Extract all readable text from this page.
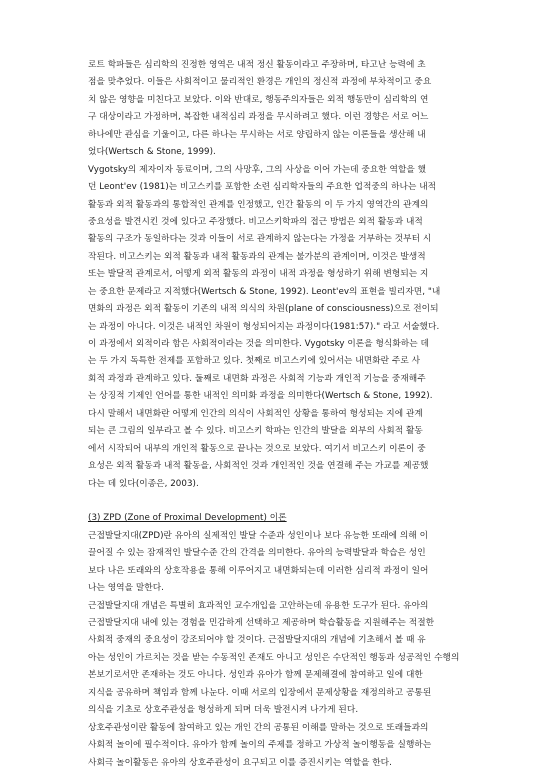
로트 학파들은 심리학의 진정한 영역은 내적 정신 활동이라고 주장하며, 타고난 능력에 초
점을 맞추었다. 이들은 사회적이고 물리적인 환경은 개인의 정신적 과정에 부차적이고 중요
치 않은 영향을 미친다고 보았다. 이와 반대로, 행동주의자들은 외적 행동만이 심리학의 연
구 대상이라고 가정하며, 복잡한 내적심리 과정을 무시하려고 했다. 이런 경향은 서로 어느
하나에만 관심을 기울이고, 다른 하나는 무시하는 서로 양립하지 않는 이론들을 생산해 내
었다(Wertsch & Stone, 1999).
Vygotsky의 제자이자 동료이며, 그의 사망후, 그의 사상을 이어 가는데 중요한 역할을 했
던 Leont'ev (1981)는 비고스키를 포함한 소련 심리학자들의 주요한 업적중의 하나는 내적
활동과 외적 활동과의 통합적인 관계를 인정했고, 인간 활동의 이 두 가지 영역간의 관계의
중요성을 발견시킨 것에 있다고 주장했다. 비고스키학파의 접근 방법은 외적 활동과 내적
활동의 구조가 동일하다는 것과 이들이 서로 관계하지 않는다는 가정을 거부하는 것부터 시
작된다. 비고스키는 외적 활동과 내적 활동과의 관계는 불가분의 관계이며, 이것은 발생적
또는 발달적 관계로서, 어떻게 외적 활동의 과정이 내적 과정을 형성하기 위해 변형되는 지
는 중요한 문제라고 지적했다(Wertsch & Stone, 1992). Leont'ev의 표현을 빌리자면, "내
면화의 과정은 외적 활동이 기존의 내적 의식의 차원(plane of consciousness)으로 전이되
는 과정이 아니다. 이것은 내적인 차원이 형성되어지는 과정이다(1981:57)." 라고 서술했다.
이 과정에서 외적이라 함은 사회적이라는 것을 의미한다. Vygotsky 이론을 형식화하는 데
는 두 가지 독특한 전제를 포함하고 있다. 첫째로 비고스키에 있어서는 내면화란 주로 사
회적 과정과 관계하고 있다. 둘째로 내면화 과정은 사회적 기능과 개인적 기능을 중재해주
는 상징적 기제인 언어를 통한 내적인 의미화 과정을 의미한다(Wertsch & Stone, 1992).
다시 말해서 내면화란 어떻게 인간의 의식이 사회적인 상황을 통하여 형성되는 지에 관계
되는 큰 그림의 일부라고 볼 수 있다. 비고스키 학파는 인간의 발달을 외부의 사회적 활동
에서 시작되어 내부의 개인적 활동으로 끝나는 것으로 보았다. 여기서 비고스키 이론이 중
요성은 외적 활동과 내적 활동을, 사회적인 것과 개인적인 것을 연결해 주는 가교를 제공했
다는 데 있다(이종은, 2003).
(3) ZPD (Zone of Proximal Development) 이론
근접발달지대(ZPD)란 유아의 실제적인 발달 수준과 성인이나 보다 유능한 또래에 의해 이
끌어질 수 있는 잠재적인 발달수준 간의 간격을 의미한다. 유아의 능력발달과 학습은 성인
보다 나은 또래와의 상호작용을 통해 이루어지고 내면화되는데 이러한 심리적 과정이 일어
나는 영역을 말한다.
근접발달지대 개념은 특별히 효과적인 교수개입을 고안하는데 유용한 도구가 된다. 유아의
근접발달지대 내에 있는 경험을 민감하게 선택하고 제공하며 학습활동을 지원해주는 적절한
사회적 중재의 중요성이 강조되어야 할 것이다. 근접발달지대의 개념에 기초해서 볼 때 유
아는 성인이 가르치는 것을 받는 수동적인 존재도 아니고 성인은 수단적인 행동과 성공적인 수행의
본보기로서만 존재하는 것도 아니다. 성인과 유아가 함께 문제해결에 참여하고 일에 대한
지식을 공유하며 책임과 함께 나눈다. 이때 서로의 입장에서 문제상황을 재정의하고 공통된
의식을 기초로 상호주관성을 형성하게 되며 더욱 발전시켜 나가게 된다.
상호주관성이란 활동에 참여하고 있는 개인 간의 공통된 이해를 말하는 것으로 또래들과의
사회적 놀이에 필수적이다. 유아가 함께 놀이의 주제를 정하고 가상적 놀이행동을 실행하는
사회극 놀이활동은 유아의 상호주관성이 요구되고 이를 증진시키는 역할을 한다.
